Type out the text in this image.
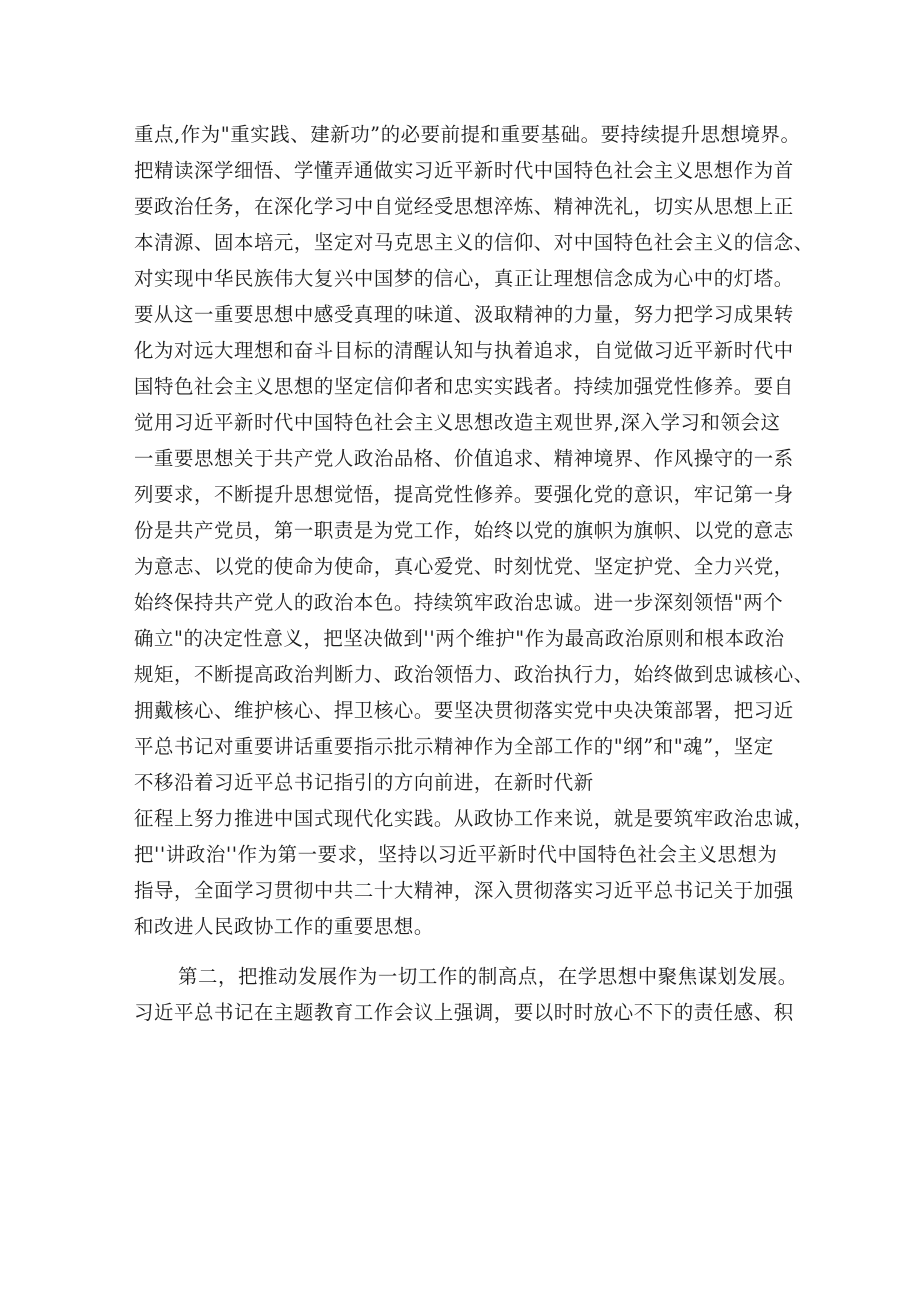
重点,作为"重实践、建新功”的必要前提和重要基础。要持续提升思想境界。
把精读深学细悟、学懂弄通做实习近平新时代中国特色社会主义思想作为首
要政治任务，在深化学习中自觉经受思想淬炼、精神洗礼，切实从思想上正
本清源、固本培元，坚定对马克思主义的信仰、对中国特色社会主义的信念、
对实现中华民族伟大复兴中国梦的信心，真正让理想信念成为心中的灯塔。
要从这一重要思想中感受真理的味道、汲取精神的力量，努力把学习成果转
化为对远大理想和奋斗目标的清醒认知与执着追求，自觉做习近平新时代中
国特色社会主义思想的坚定信仰者和忠实实践者。持续加强党性修养。要自
觉用习近平新时代中国特色社会主义思想改造主观世界,深入学习和领会这
一重要思想关于共产党人政治品格、价值追求、精神境界、作风操守的一系
列要求，不断提升思想觉悟，提高党性修养。要强化党的意识，牢记第一身
份是共产党员，第一职责是为党工作，始终以党的旗帜为旗帜、以党的意志
为意志、以党的使命为使命，真心爱党、时刻忧党、坚定护党、全力兴党，
始终保持共产党人的政治本色。持续筑牢政治忠诚。进一步深刻领悟"两个
确立"的决定性意义，把坚决做到''两个维护"作为最高政治原则和根本政治
规矩，不断提高政治判断力、政治领悟力、政治执行力，始终做到忠诚核心、
拥戴核心、维护核心、捍卫核心。要坚决贯彻落实党中央决策部署，把习近
平总书记对重要讲话重要指示批示精神作为全部工作的"纲”和"魂”，坚定
不移沿着习近平总书记指引的方向前进，在新时代新
征程上努力推进中国式现代化实践。从政协工作来说，就是要筑牢政治忠诚，
把''讲政治''作为第一要求，坚持以习近平新时代中国特色社会主义思想为
指导，全面学习贯彻中共二十大精神，深入贯彻落实习近平总书记关于加强
和改进人民政协工作的重要思想。
第二，把推动发展作为一切工作的制高点，在学思想中聚焦谋划发展。
习近平总书记在主题教育工作会议上强调，要以时时放心不下的责任感、积
